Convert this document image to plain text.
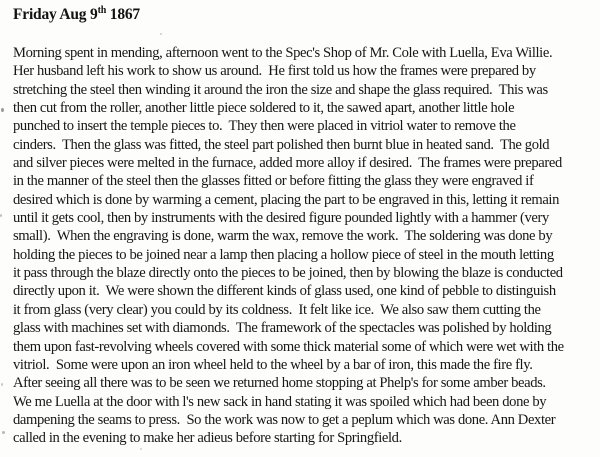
Friday Aug 9th 1867
Morning spent in mending, afternoon went to the Spec's Shop of Mr. Cole with Luella, Eva Willie.
Her husband left his work to show us around.  He first told us how the frames were prepared by
stretching the steel then winding it around the iron the size and shape the glass required.  This was
then cut from the roller, another little piece soldered to it, the sawed apart, another little hole
punched to insert the temple pieces to.  They then were placed in vitriol water to remove the
cinders.  Then the glass was fitted, the steel part polished then burnt blue in heated sand.  The gold
and silver pieces were melted in the furnace, added more alloy if desired.  The frames were prepared
in the manner of the steel then the glasses fitted or before fitting the glass they were engraved if
desired which is done by warming a cement, placing the part to be engraved in this, letting it remain
until it gets cool, then by instruments with the desired figure pounded lightly with a hammer (very
small).  When the engraving is done, warm the wax, remove the work.  The soldering was done by
holding the pieces to be joined near a lamp then placing a hollow piece of steel in the mouth letting
it pass through the blaze directly onto the pieces to be joined, then by blowing the blaze is conducted
directly upon it.  We were shown the different kinds of glass used, one kind of pebble to distinguish
it from glass (very clear) you could by its coldness.  It felt like ice.  We also saw them cutting the
glass with machines set with diamonds.  The framework of the spectacles was polished by holding
them upon fast-revolving wheels covered with some thick material some of which were wet with the
vitriol.  Some were upon an iron wheel held to the wheel by a bar of iron, this made the fire fly.
After seeing all there was to be seen we returned home stopping at Phelp's for some amber beads.
We me Luella at the door with l's new sack in hand stating it was spoiled which had been done by
dampening the seams to press.  So the work was now to get a peplum which was done. Ann Dexter
called in the evening to make her adieus before starting for Springfield.
